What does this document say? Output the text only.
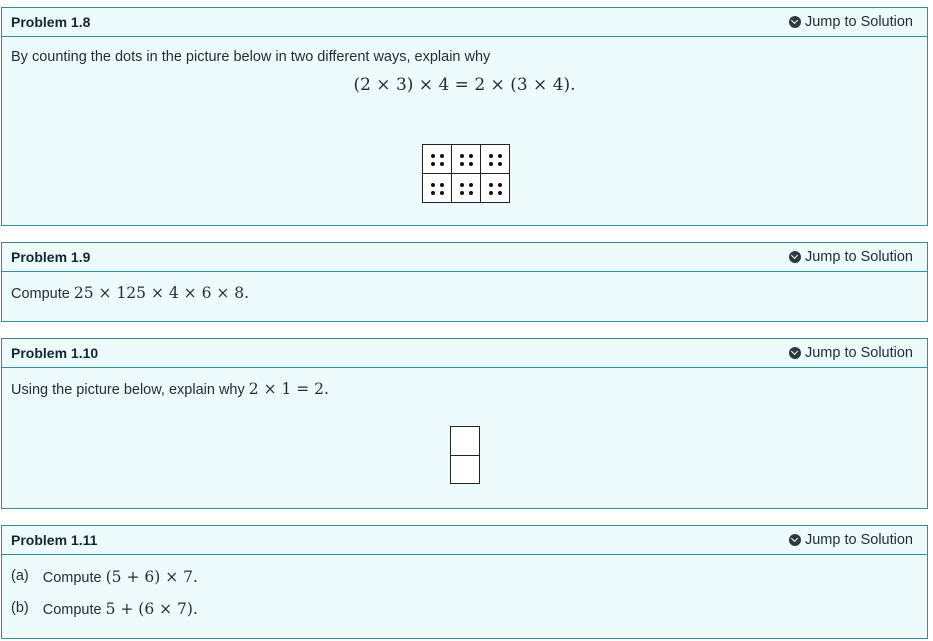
Problem 1.8	Jump to Solution
By counting the dots in the picture below in two different ways, explain why
(2 × 3) × 4 = 2 × (3 × 4).
Problem 1.9	Jump to Solution
Compute 25 × 125 × 4 × 6 × 8.
Problem 1.10	Jump to Solution
Using the picture below, explain why 2 × 1 = 2.
Problem 1.11	Jump to Solution
(a) Compute (5 + 6) × 7.
(b) Compute 5 + (6 × 7).
